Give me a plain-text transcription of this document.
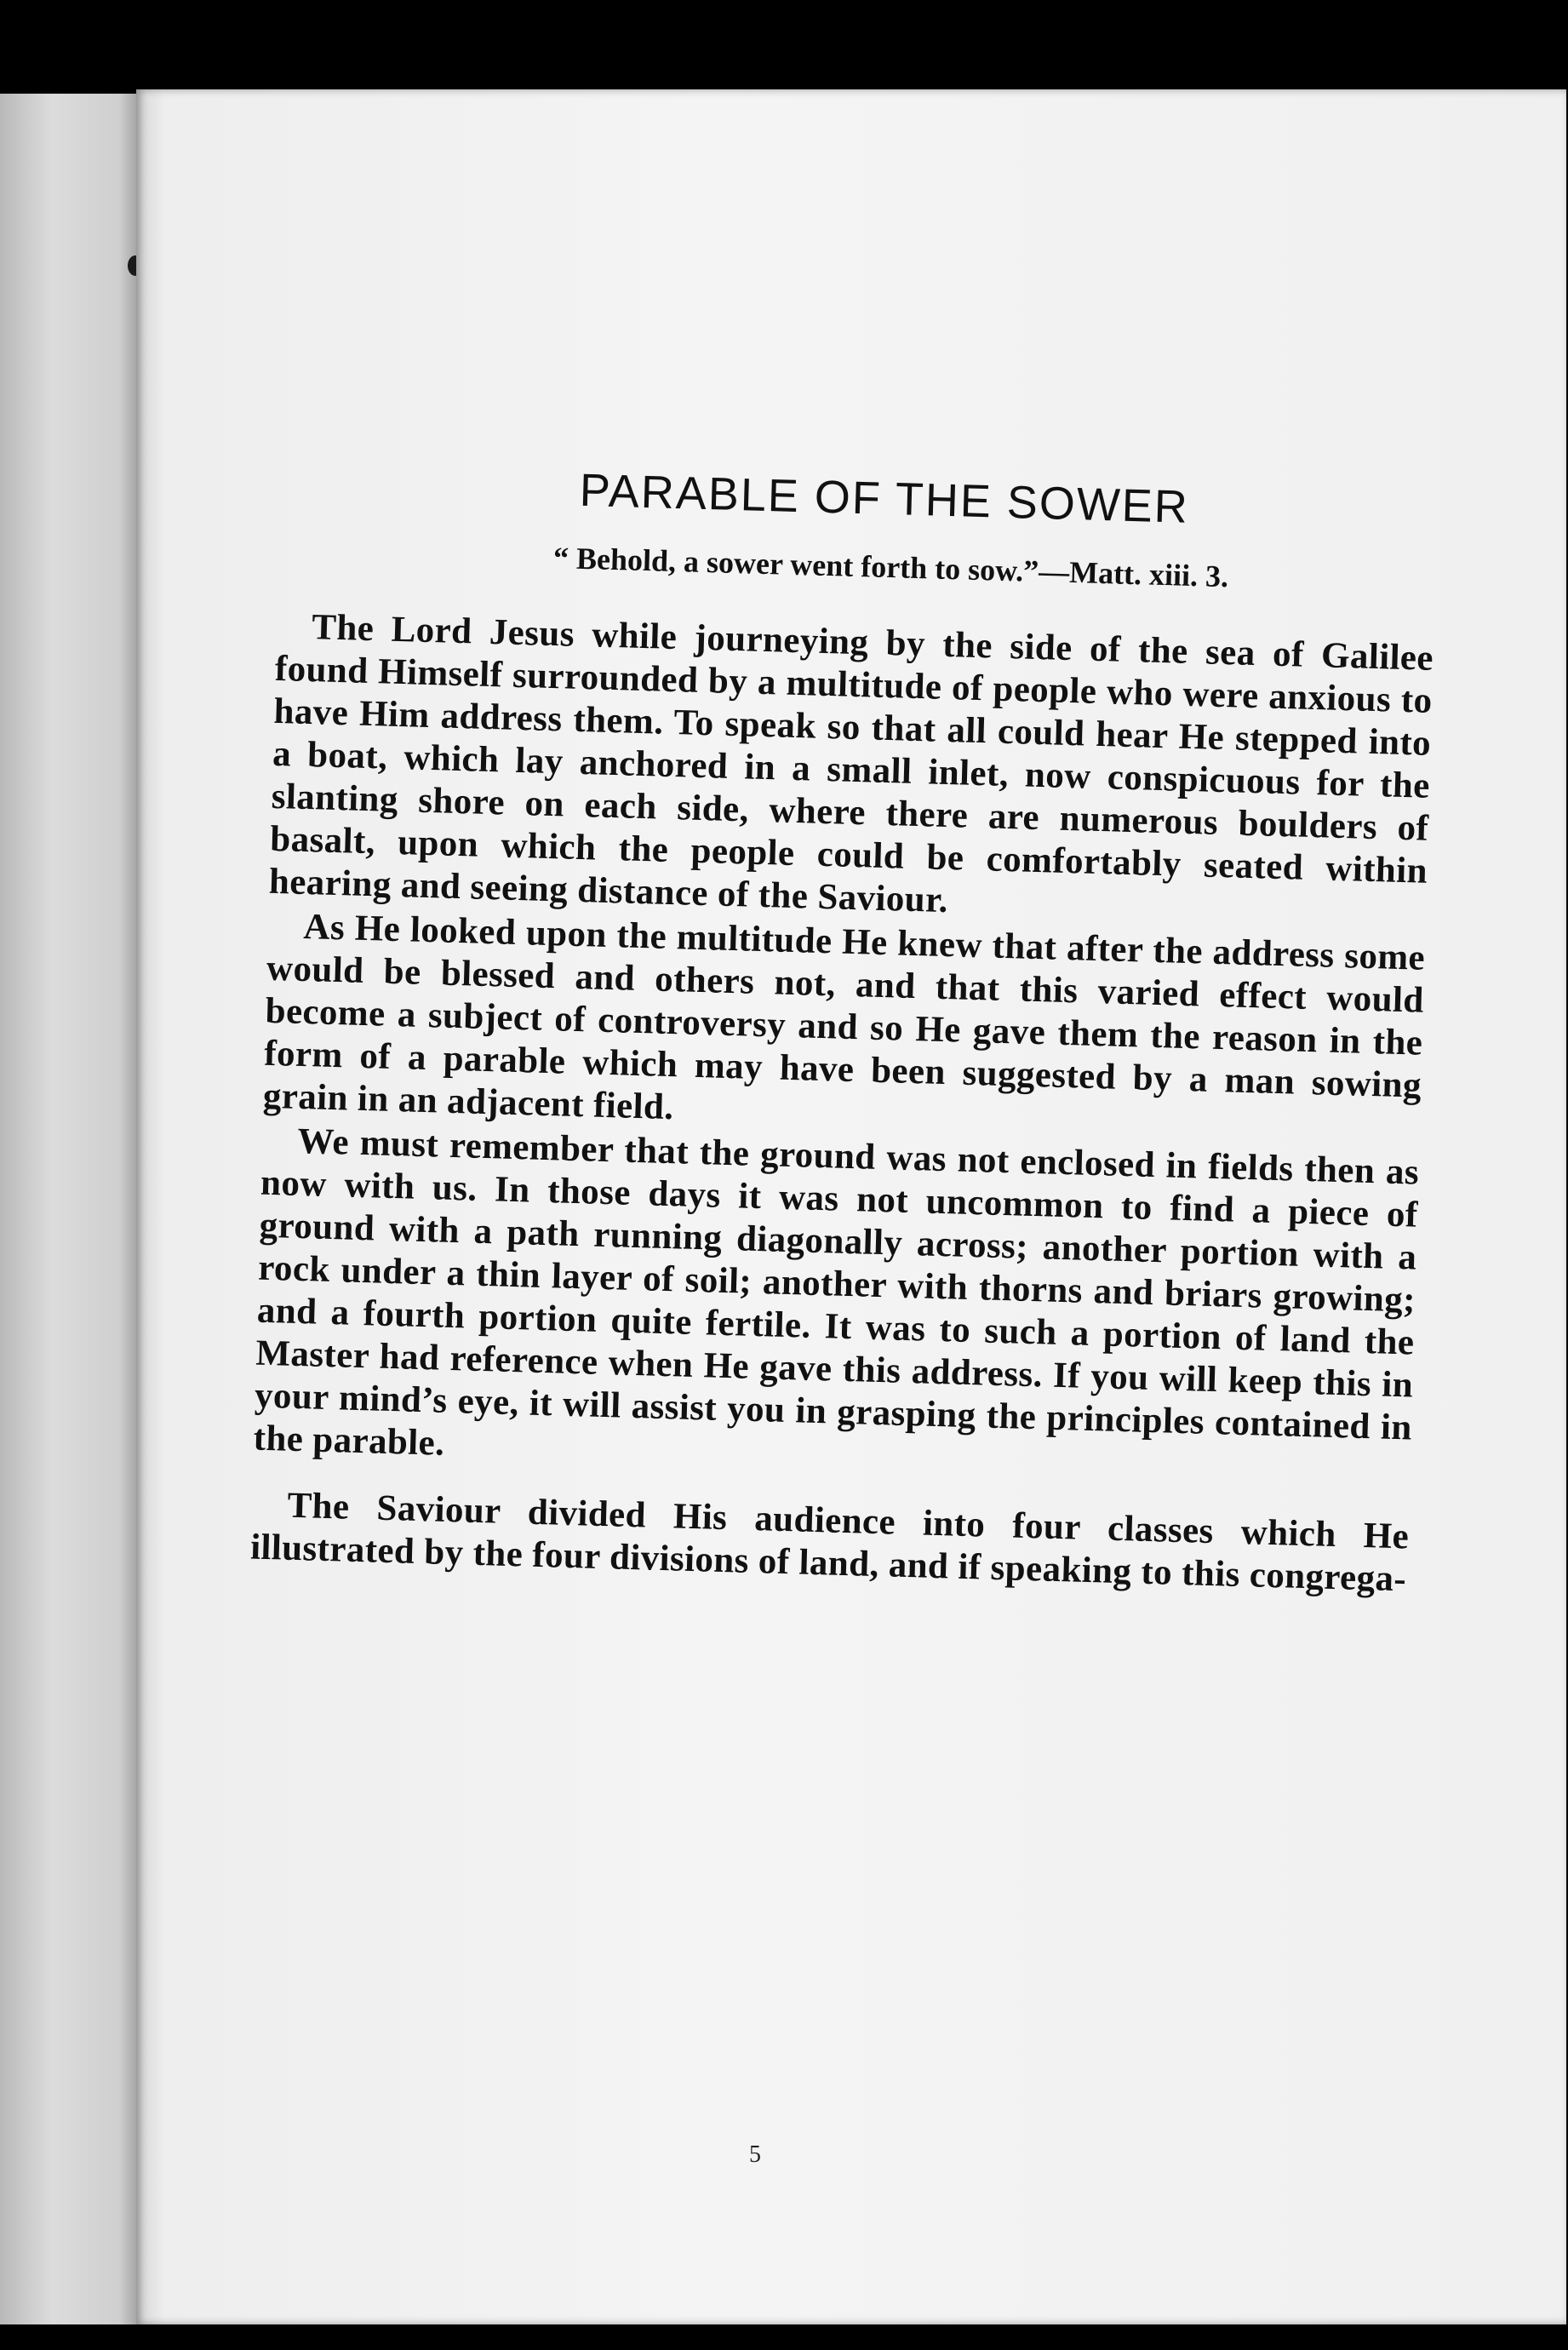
PARABLE OF THE SOWER

“ Behold, a sower went forth to sow.”—Matt. xiii. 3.

The Lord Jesus while journeying by the side of the sea of Galilee found Himself surrounded by a multitude of people who were anxious to have Him address them. To speak so that all could hear He stepped into a boat, which lay anchored in a small inlet, now conspicuous for the slanting shore on each side, where there are numerous boulders of basalt, upon which the people could be comfortably seated within hearing and seeing distance of the Saviour.

As He looked upon the multitude He knew that after the address some would be blessed and others not, and that this varied effect would become a subject of controversy and so He gave them the reason in the form of a parable which may have been suggested by a man sowing grain in an adjacent field.

We must remember that the ground was not enclosed in fields then as now with us. In those days it was not uncommon to find a piece of ground with a path running diagonally across; another portion with a rock under a thin layer of soil; another with thorns and briars growing; and a fourth portion quite fertile. It was to such a portion of land the Master had reference when He gave this address. If you will keep this in your mind’s eye, it will assist you in grasping the principles contained in the parable.

The Saviour divided His audience into four classes which He illustrated by the four divisions of land, and if speaking to this congrega-

5
